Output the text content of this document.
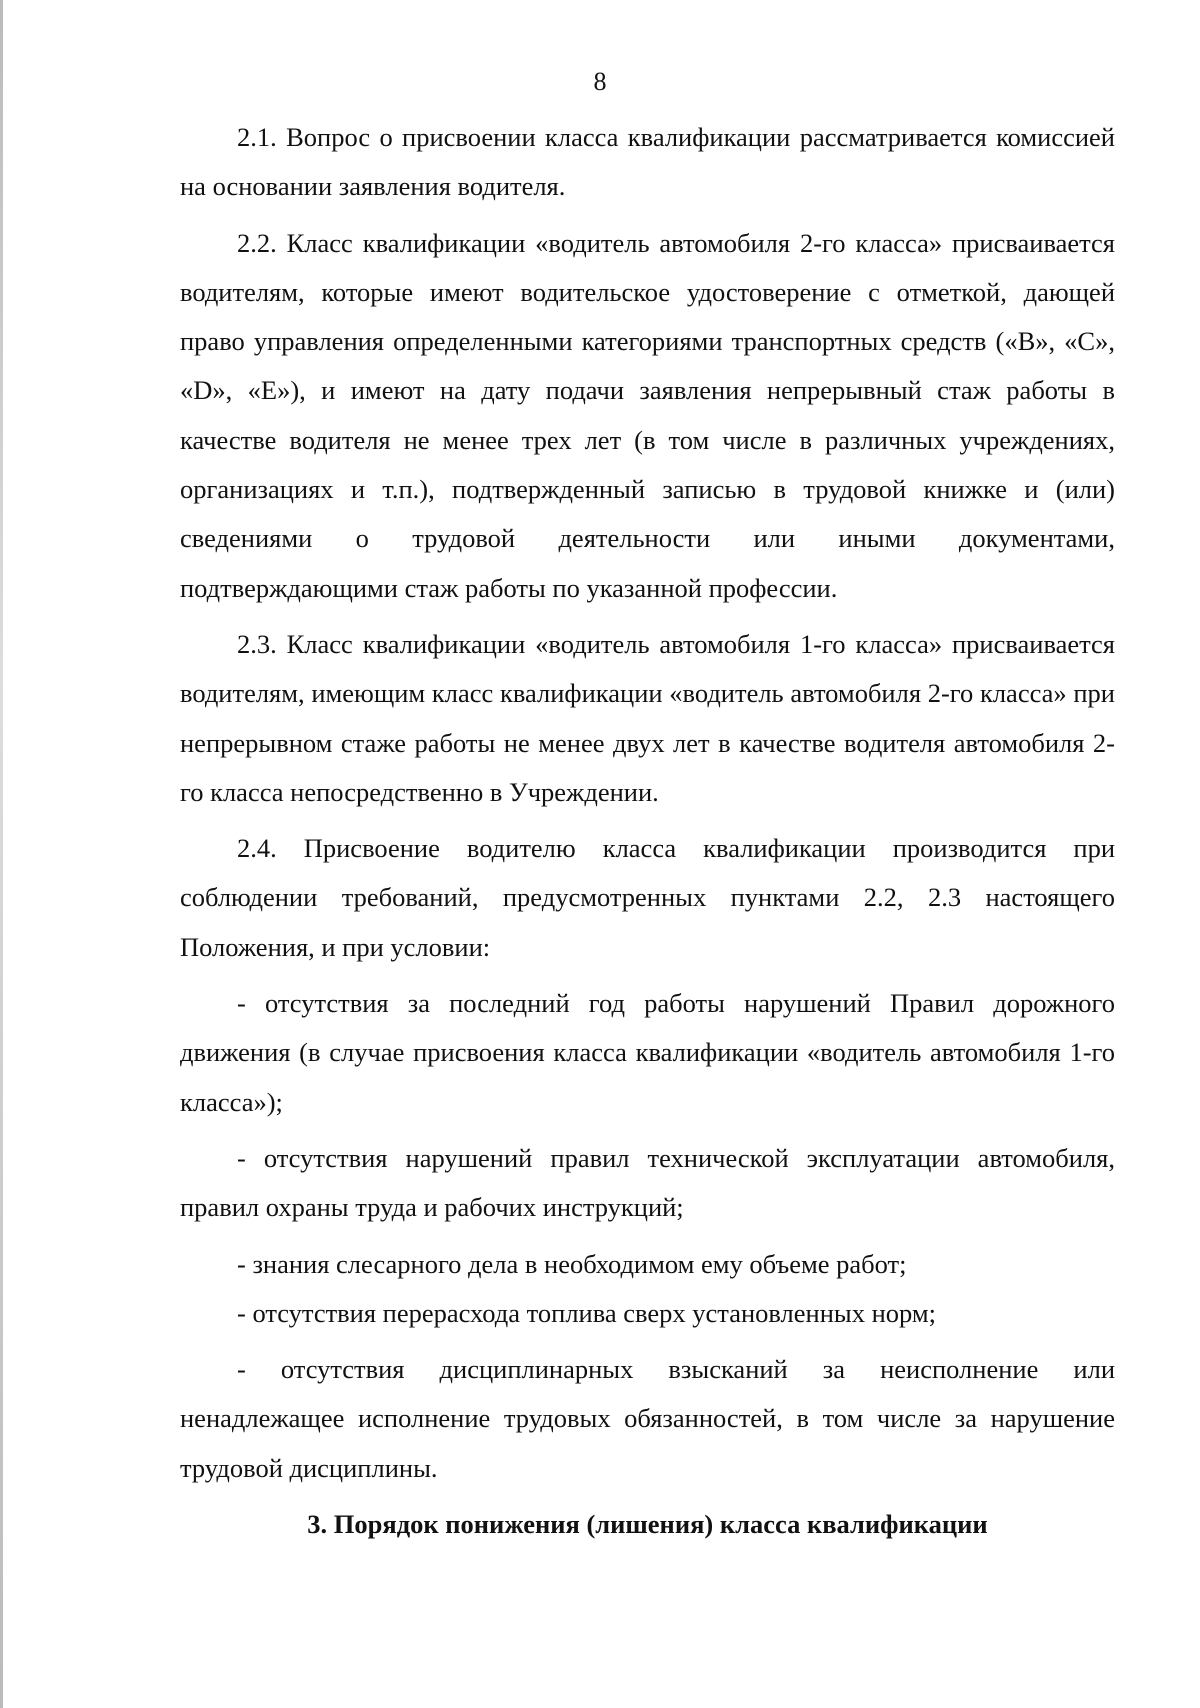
8

2.1. Вопрос о присвоении класса квалификации рассматривается комиссией на основании заявления водителя.

2.2. Класс квалификации «водитель автомобиля 2-го класса» присваивается водителям, которые имеют водительское удостоверение с отметкой, дающей право управления определенными категориями транспортных средств («В», «С», «D», «Е»), и имеют на дату подачи заявления непрерывный стаж работы в качестве водителя не менее трех лет (в том числе в различных учреждениях, организациях и т.п.), подтвержденный записью в трудовой книжке и (или) сведениями о трудовой деятельности или иными документами, подтверждающими стаж работы по указанной профессии.

2.3. Класс квалификации «водитель автомобиля 1-го класса» присваивается водителям, имеющим класс квалификации «водитель автомобиля 2-го класса» при непрерывном стаже работы не менее двух лет в качестве водителя автомобиля 2-го класса непосредственно в Учреждении.

2.4. Присвоение водителю класса квалификации производится при соблюдении требований, предусмотренных пунктами 2.2, 2.3 настоящего Положения, и при условии:

- отсутствия за последний год работы нарушений Правил дорожного движения (в случае присвоения класса квалификации «водитель автомобиля 1-го класса»);

- отсутствия нарушений правил технической эксплуатации автомобиля, правил охраны труда и рабочих инструкций;

- знания слесарного дела в необходимом ему объеме работ;

- отсутствия перерасхода топлива сверх установленных норм;

- отсутствия дисциплинарных взысканий за неисполнение или ненадлежащее исполнение трудовых обязанностей, в том числе за нарушение трудовой дисциплины.

3. Порядок понижения (лишения) класса квалификации
